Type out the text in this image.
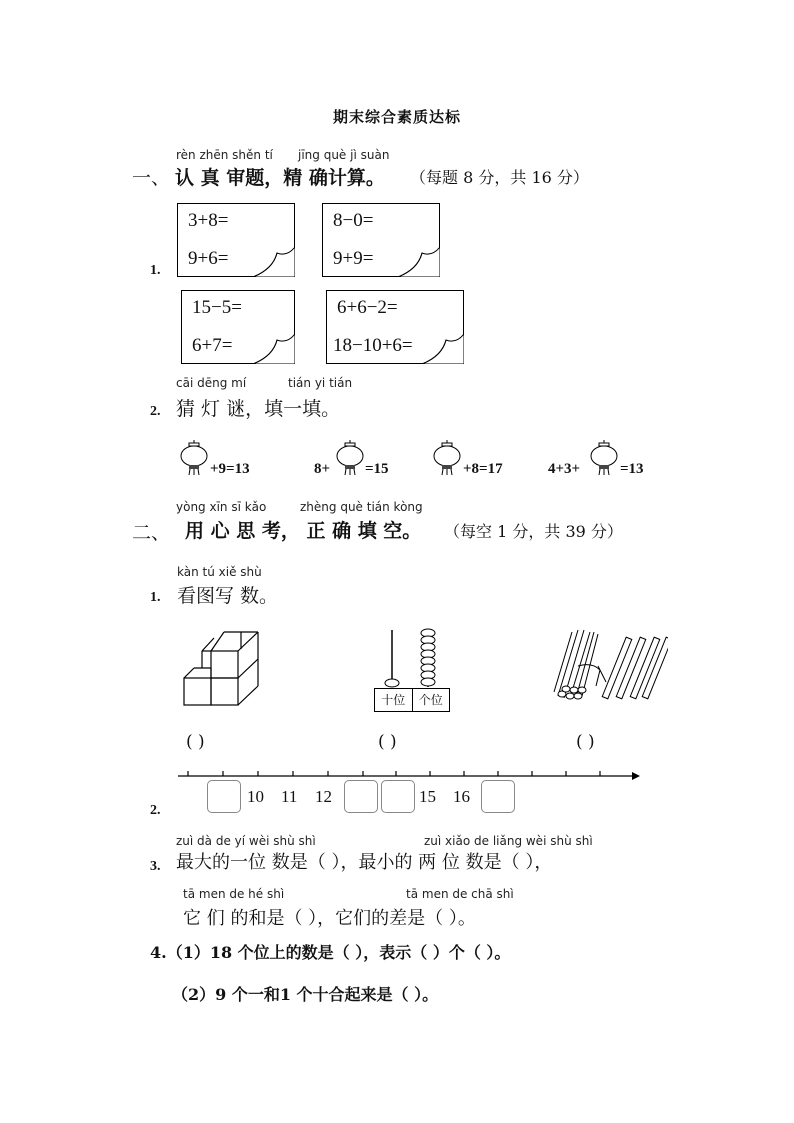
期末综合素质达标
rèn zhēn shěn tí jīng què jì suàn
一、 认 真 审题，精 确计算。 （每题 8 分，共 16 分）
1.
3+8=
9+6=
8−0=
9+9=
15−5=
6+7=
6+6−2=
18−10+6=
cāi dēng mí	tián yi tián
2. 猜 灯 谜，填一填。
+9=13	8+ =15	+8=17	4+3+	=13
yòng xīn sī kǎo	zhèng què tián kòng
二、 用 心 思 考， 正 确 填 空。 （每空 1 分，共 39 分）
kàn tú xiě shù
1. 看图写 数。
十位	个位
( )	( )	( )
2.
10 11 12	15 16
zuì dà de yí wèi shù shì	zuì xiǎo de liǎng wèi shù shì
3. 最大的一位 数是（ ），最小的 两 位 数是（ ），
tā men de hé shì	tā men de chā shì
它 们 的和是（ ），它们的差是（ ）。
4.（1）18 个位上的数是（ ），表示（ ）个（ ）。
（2）9 个一和1 个十合起来是（ ）。
